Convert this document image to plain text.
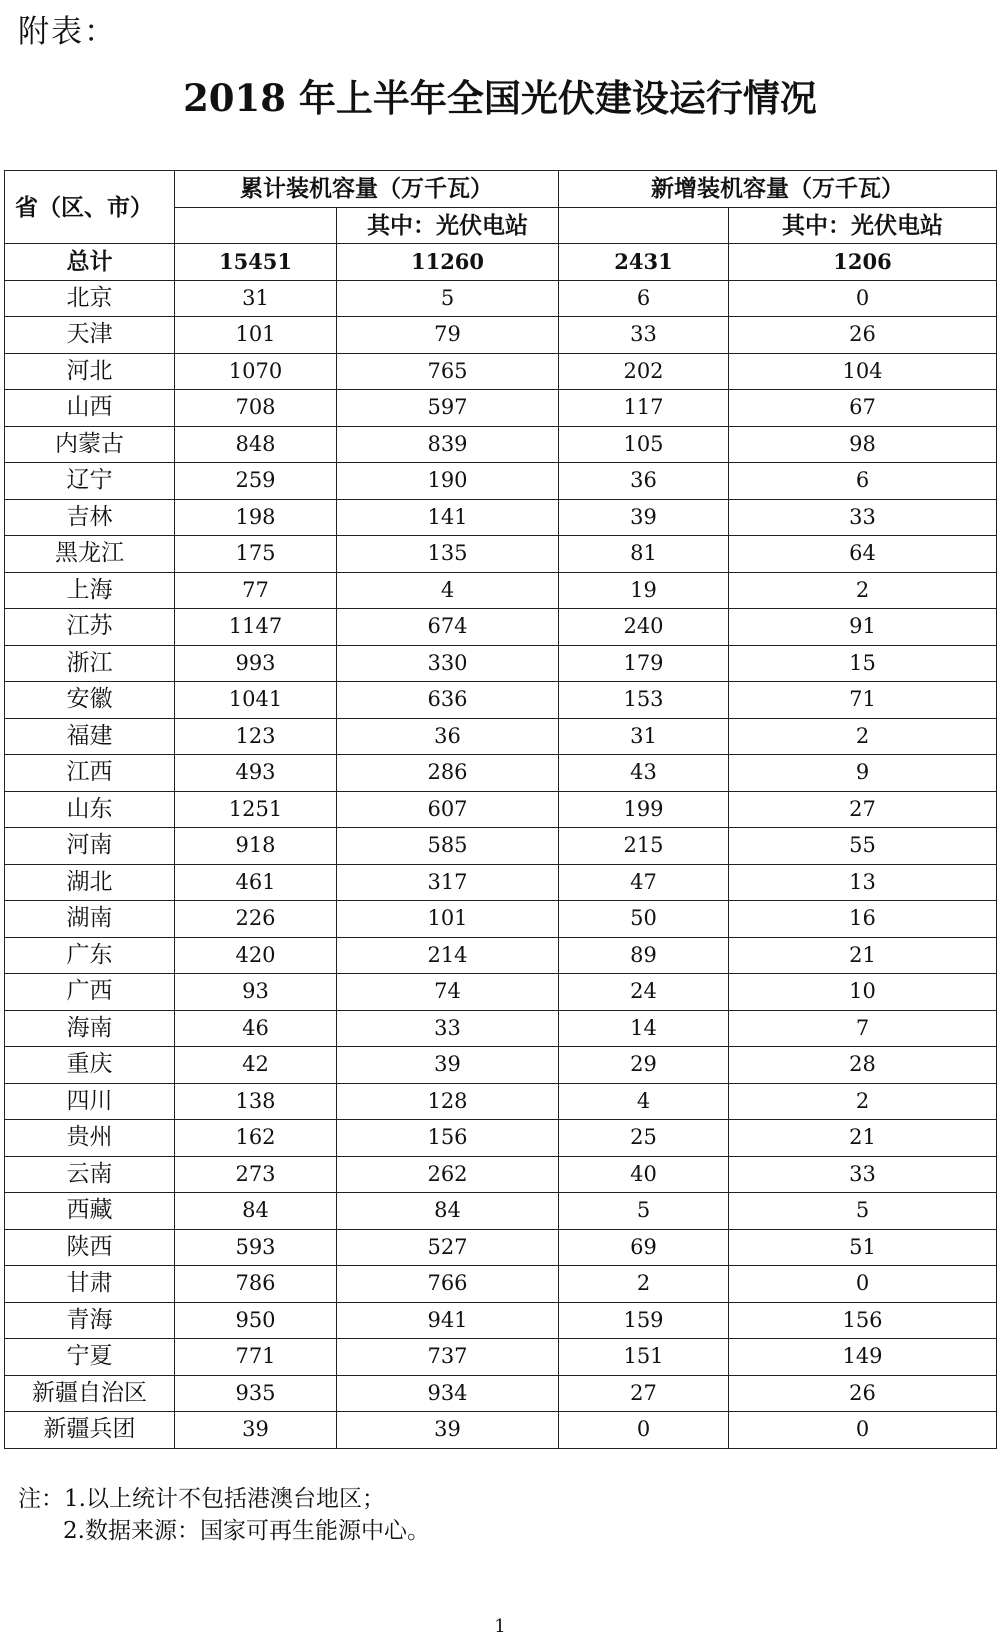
附表：
2018 年上半年全国光伏建设运行情况
省（区、市）	累计装机容量（万千瓦）		新增装机容量（万千瓦）	
		其中：光伏电站		其中：光伏电站
总计	15451	11260	2431	1206
北京	31	5	6	0
天津	101	79	33	26
河北	1070	765	202	104
山西	708	597	117	67
内蒙古	848	839	105	98
辽宁	259	190	36	6
吉林	198	141	39	33
黑龙江	175	135	81	64
上海	77	4	19	2
江苏	1147	674	240	91
浙江	993	330	179	15
安徽	1041	636	153	71
福建	123	36	31	2
江西	493	286	43	9
山东	1251	607	199	27
河南	918	585	215	55
湖北	461	317	47	13
湖南	226	101	50	16
广东	420	214	89	21
广西	93	74	24	10
海南	46	33	14	7
重庆	42	39	29	28
四川	138	128	4	2
贵州	162	156	25	21
云南	273	262	40	33
西藏	84	84	5	5
陕西	593	527	69	51
甘肃	786	766	2	0
青海	950	941	159	156
宁夏	771	737	151	149
新疆自治区	935	934	27	26
新疆兵团	39	39	0	0
注：1.以上统计不包括港澳台地区；
2.数据来源：国家可再生能源中心。
1
